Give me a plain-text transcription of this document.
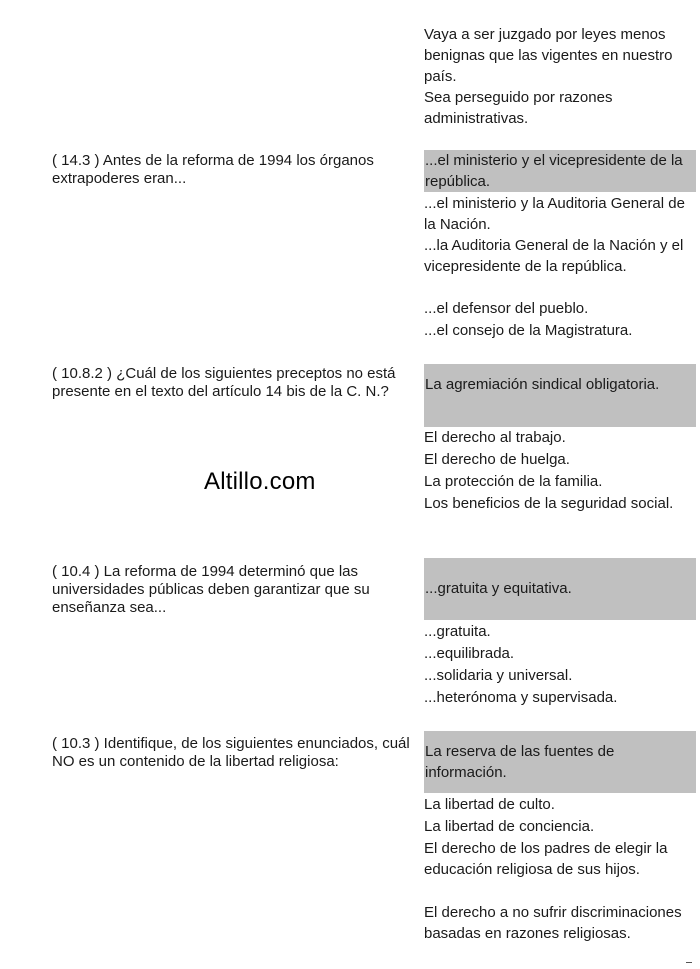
Vaya a ser juzgado por leyes menos benignas que las vigentes en nuestro país.
Sea perseguido por razones administrativas.

( 14.3 ) Antes de la reforma de 1994 los órganos extrapoderes eran...

...el ministerio y el vicepresidente de la república.
...el ministerio y la Auditoria General de la Nación.
...la Auditoria General de la Nación y el vicepresidente de la república.
...el defensor del pueblo.
...el consejo de la Magistratura.

( 10.8.2 ) ¿Cuál de los siguientes preceptos no está presente en el texto del artículo 14 bis de la C. N.?	La agremiación sindical obligatoria.
El derecho al trabajo.
El derecho de huelga.
La protección de la familia.
Los beneficios de la seguridad social.
Altillo.com

( 10.4 ) La reforma de 1994 determinó que las universidades públicas deben garantizar que su enseñanza sea...

...gratuita y equitativa.
...gratuita.
...equilibrada.
...solidaria y universal.
...heterónoma y supervisada.

( 10.3 ) Identifique, de los siguientes enunciados, cuál NO es un contenido de la libertad religiosa:

La reserva de las fuentes de información.
La libertad de culto.
La libertad de conciencia.
El derecho de los padres de elegir la educación religiosa de sus hijos.
El derecho a no sufrir discriminaciones basadas en razones religiosas.
